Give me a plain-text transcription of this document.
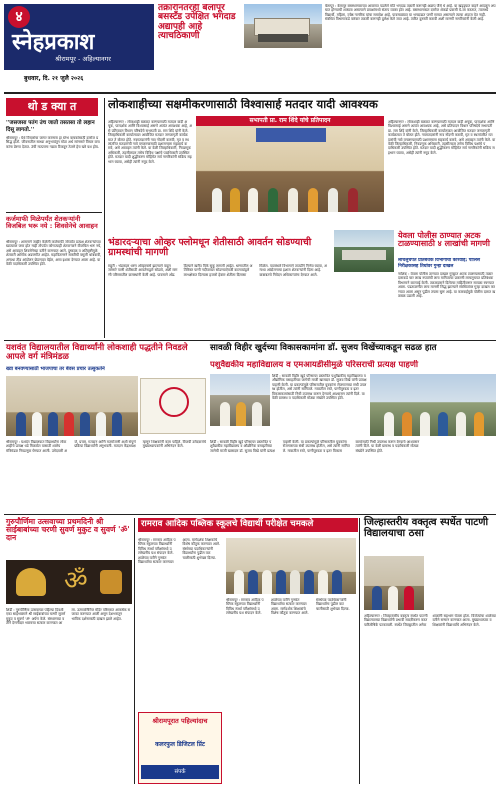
४
स्नेहप्रकाश
श्रीरामपूर - अहिल्यानगर
बुधवार, दि. २१ जुलै २०२६
तक्रारीनंतरही बेलापूर बसस्टँड उपेक्षित भगदाड अद्यापही आहे त्याचठिकाणी
बेलापूर : बेलापूर बसस्थानकाच्या आवारात पडलेले मोठे भगदाड तक्रारी करूनही अद्याप जैसे थे आहे. या खड्ड्यात वाहने आदळून अपघात होण्याची शक्यता असल्याने प्रवाशांमध्ये संताप व्यक्त होत आहे. बसस्थानकात दररोज शेकडो प्रवासी ये-जा करतात, त्यामध्ये विद्यार्थी, महिला, ज्येष्ठ नागरिक यांचा समावेश आहे. पावसाळ्यात या भगदाडात पाणी साचत असल्याने त्याचा अंदाज येत नाही. संबंधित विभागाकडे वारंवार तक्रारी करूनही दुर्लक्ष केले जात आहे. त्वरित दुरुस्ती करावी अशी मागणी नागरिकांनी केली आहे.
थो ड क्या त
''जसजसा पतंग उंच जातो तसतसा तो लहान दिसू लागतो.''
श्रीरामपूर : येथे विचारांचा जागर करणारा हा स्तंभ वाचकांसाठी दररोज प्रसिद्ध होतो. जीवनातील साध्या अनुभवांतून मोठा अर्थ सांगणारे विचार वाचकांना प्रेरणा देतात. उंची गाठताना नम्रता टिकवून ठेवणे हेच खरे यश होय.
कर्जमाफी मिळेपर्यंत शेतकऱ्यांनी विजबिल भरू नये : शिवसेनेचे आवाहन
श्रीरामपूर : शासनाने जाहीर केलेली कर्जमाफी जोपर्यंत प्रत्यक्ष शेतकऱ्यांच्या खात्यावर जमा होत नाही तोपर्यंत कोणत्याही शेतकऱ्याने वीजबिल भरू नये, असे आवाहन शिवसेनेच्या वतीने करण्यात आले. दुष्काळ व अतिवृष्टीमुळे शेतकरी आर्थिक अडचणीत आहेत. महावितरणने सक्तीची वसुली थांबवावी, अन्यथा तीव्र आंदोलन छेडण्यात येईल, असा इशारा देण्यात आला आहे. या वेळी पदाधिकारी उपस्थित होते.
लोकशाहीच्या सक्षमीकरणासाठी विश्वासार्ह मतदार यादी आवश्यक
अहिल्यानगर : लोकशाही बळकट करण्यासाठी मतदार यादी अचूक, पारदर्शक आणि विश्वासार्ह असणे अत्यंत आवश्यक आहे, असे प्रतिपादन विधान परिषदेचे सभापती प्रा. राम शिंदे यांनी केले. जिल्हाधिकारी कार्यालयात आयोजित मतदार जनजागृती कार्यक्रमात ते बोलत होते. नवमतदारांनी नाव नोंदणी करावी, मृत व स्थलांतरित मतदारांची नावे वगळण्यासाठी प्रशासनाला सहकार्य करावे, असे आवाहन त्यांनी केले. या वेळी जिल्हाधिकारी, निवडणूक अधिकारी, तहसीलदार तसेच विविध पक्षांचे पदाधिकारी उपस्थित होते. मतदार यादी शुद्धीकरण मोहिमेत सर्व नागरिकांनी सक्रिय सहभाग घ्यावा, असेही त्यांनी नमूद केले.
सभापती प्रा. राम शिंदे यांचे प्रतिपादन	अहिल्यानगर : लोकशाही बळकट करण्यासाठी मतदार यादी अचूक, पारदर्शक आणि विश्वासार्ह असणे अत्यंत आवश्यक आहे, असे प्रतिपादन विधान परिषदेचे सभापती प्रा. राम शिंदे यांनी केले. जिल्हाधिकारी कार्यालयात आयोजित मतदार जनजागृती कार्यक्रमात ते बोलत होते. नवमतदारांनी नाव नोंदणी करावी, मृत व स्थलांतरित मतदारांची नावे वगळण्यासाठी प्रशासनाला सहकार्य करावे, असे आवाहन त्यांनी केले. या वेळी जिल्हाधिकारी, निवडणूक अधिकारी, तहसीलदार तसेच विविध पक्षांचे पदाधिकारी उपस्थित होते. मतदार यादी शुद्धीकरण मोहिमेत सर्व नागरिकांनी सक्रिय सहभाग घ्यावा, असेही त्यांनी नमूद केले.
भंडारदऱ्याचा ओव्हर फ्लोमधून शेतीसाठी आवर्तन सोडण्याची ग्रामस्थांची मागणी
राहुरी : भंडारदरा धरण ओव्हरफ्लो झाल्याने वाहून जाणारे पाणी शेतीसाठी आवर्तनाद्वारे सोडावे, अशी मागणी परिसरातील ग्रामस्थांनी केली आहे. पावसाने ओढ दिल्याने खरीप पिके सुकू लागली आहेत. धरणातील अतिरिक्त पाणी नदीपात्रात सोडण्याऐवजी कालव्यांद्वारे लाभक्षेत्रात दिल्यास हजारो हेक्टर शेतीला दिलासा मिळेल. पाटबंधारे विभागाने तातडीने निर्णय घ्यावा, अन्यथा आंदोलनाचा इशारा शेतकऱ्यांनी दिला आहे. याबाबतचे निवेदन अधिकाऱ्यांना देण्यात आले.
येवला पोलीस ठाण्यात अटक टाळण्यासाठी ४ लाखांची मागणी
लाचलुचपत प्रतिबंधक विभागाची कारवाई; पोलिस निरीक्षकासह तिघांवर गुन्हा दाखल
नाशिक : येवला पोलीस ठाण्यात दाखल गुन्ह्यात अटक टाळण्यासाठी तक्रारदाराकडे चार लाख रुपयांची लाच मागितल्या प्रकरणी लाचलुचपत प्रतिबंधक विभागाने कारवाई केली. तक्रारदाराने दिलेल्या माहितीवरून सापळा रचण्यात आला. पडताळणीत लाच मागणी सिद्ध झाल्याने संबंधितांवर गुन्हा दाखल करण्यात आला असून पुढील तपास सुरू आहे. या कारवाईमुळे पोलीस दलात खळबळ उडाली आहे.
यशवंत विद्यालयातील विद्यार्थ्यांनी लोकशाही पद्धतीने निवडले आपले वर्ग मंत्रिमंडळ
ख्वा बनवण्यासाठी भाजपाचा तर बेवस प्रचार उत्सुकतेने
श्रीरामपूर : यशवंत विद्यालयात विद्यार्थ्यांना लोकशाहीचे प्रत्यक्ष धडे मिळावेत यासाठी शालेय मंत्रिमंडळ निवडणूक घेण्यात आली. उमेदवारी अर्ज, प्रचार, मतदान आणि मतमोजणी अशी संपूर्ण प्रक्रिया विद्यार्थ्यांनी अनुभवली. मतदान केंद्राध्यक्ष म्हणून शिक्षकांनी काम पाहिले. विजयी उमेदवारांचे मुख्याध्यापकांनी अभिनंदन केले.
सावळी विहीर खुर्दच्या विकासकामांना डॉ. सुजय विखेंच्याकडून सढळ हात
पशुवैद्यकीय महाविद्यालय व एमआयडीसीमुळे परिसराची प्रत्यक्ष पाहणी
शिर्डी : सावळी विहीर खुर्द परिसरात प्रस्तावित पशुवैद्यकीय महाविद्यालय व औद्योगिक वसाहतीच्या जागेची माजी खासदार डॉ. सुजय विखे यांनी प्रत्यक्ष पाहणी केली. या प्रकल्पांमुळे परिसरातील युवकांना रोजगाराच्या संधी उपलब्ध होतील, असे त्यांनी सांगितले. गावातील रस्ते, पाणीपुरवठा व इतर विकासकामांसाठी निधी उपलब्ध करून देण्याचे आश्वासन त्यांनी दिले. या वेळी ग्रामस्थ व पदाधिकारी मोठ्या संख्येने उपस्थित होते.
शिर्डी : सावळी विहीर खुर्द परिसरात प्रस्तावित पशुवैद्यकीय महाविद्यालय व औद्योगिक वसाहतीच्या जागेची माजी खासदार डॉ. सुजय विखे यांनी प्रत्यक्ष पाहणी केली. या प्रकल्पांमुळे परिसरातील युवकांना रोजगाराच्या संधी उपलब्ध होतील, असे त्यांनी सांगितले. गावातील रस्ते, पाणीपुरवठा व इतर विकासकामांसाठी निधी उपलब्ध करून देण्याचे आश्वासन त्यांनी दिले. या वेळी ग्रामस्थ व पदाधिकारी मोठ्या संख्येने उपस्थित होते.
गुरुपौर्णिमा उत्सवाच्या प्रथमदिनी श्री साईबाबांच्या चरणी सुवर्ण मुकुट व सुवर्ण 'ॐ' दान
ॐ
शिर्डी : गुरुपौर्णिमा उत्सवाच्या पहिल्या दिवशी एका साईभक्ताने श्री साईबाबांच्या चरणी सुवर्ण मुकुट व सुवर्ण 'ॐ' अर्पण केले. संस्थानच्या वतीने देणगीदार भक्ताचा सत्कार करण्यात आला. उत्सवानिमित्त मंदिर परिसरात आकर्षक सजावट करण्यात आली असून देशभरातून भाविक दर्शनासाठी दाखल झाले आहेत.
श्रीरामपूर : रामराव आदिक पब्लिक स्कूलच्या विद्यार्थ्यांनी विविध स्पर्धा परीक्षांमध्ये उल्लेखनीय यश संपादन केले. शाळेच्या वतीने गुणवंत विद्यार्थ्यांचा सत्कार करण्यात आला. मार्गदर्शक शिक्षकांचे विशेष कौतुक करण्यात आले. संस्थेच्या पदाधिकाऱ्यांनी विद्यार्थ्यांना पुढील वाटचालीसाठी शुभेच्छा दिल्या.
श्रीरामपूरात पहिल्यांदाच
कलरफुल डिजिटल प्रिंट
संपर्क
रामराव आदिक पब्लिक स्कूलचे विद्यार्थी परीक्षेत चमकले
श्रीरामपूर : रामराव आदिक पब्लिक स्कूलच्या विद्यार्थ्यांनी विविध स्पर्धा परीक्षांमध्ये उल्लेखनीय यश संपादन केले. शाळेच्या वतीने गुणवंत विद्यार्थ्यांचा सत्कार करण्यात आला. मार्गदर्शक शिक्षकांचे विशेष कौतुक करण्यात आले. संस्थेच्या पदाधिकाऱ्यांनी विद्यार्थ्यांना पुढील वाटचालीसाठी शुभेच्छा दिल्या.
जिल्हास्तरीय वक्तृत्व स्पर्धेत पाटणी विद्यालयाचा ठसा
अहिल्यानगर : जिल्हास्तरीय वक्तृत्व स्पर्धेत पाटणी विद्यालयाच्या विद्यार्थ्यांनी प्रभावी सादरीकरण करत पारितोषिके पटकावली. स्पर्धेत जिल्ह्यातील अनेक शाळांनी सहभाग घेतला होता. विजेत्यांचा शाळेच्या वतीने सन्मान करण्यात आला. मुख्याध्यापक व शिक्षकांनी विद्यार्थ्यांचे अभिनंदन केले.
